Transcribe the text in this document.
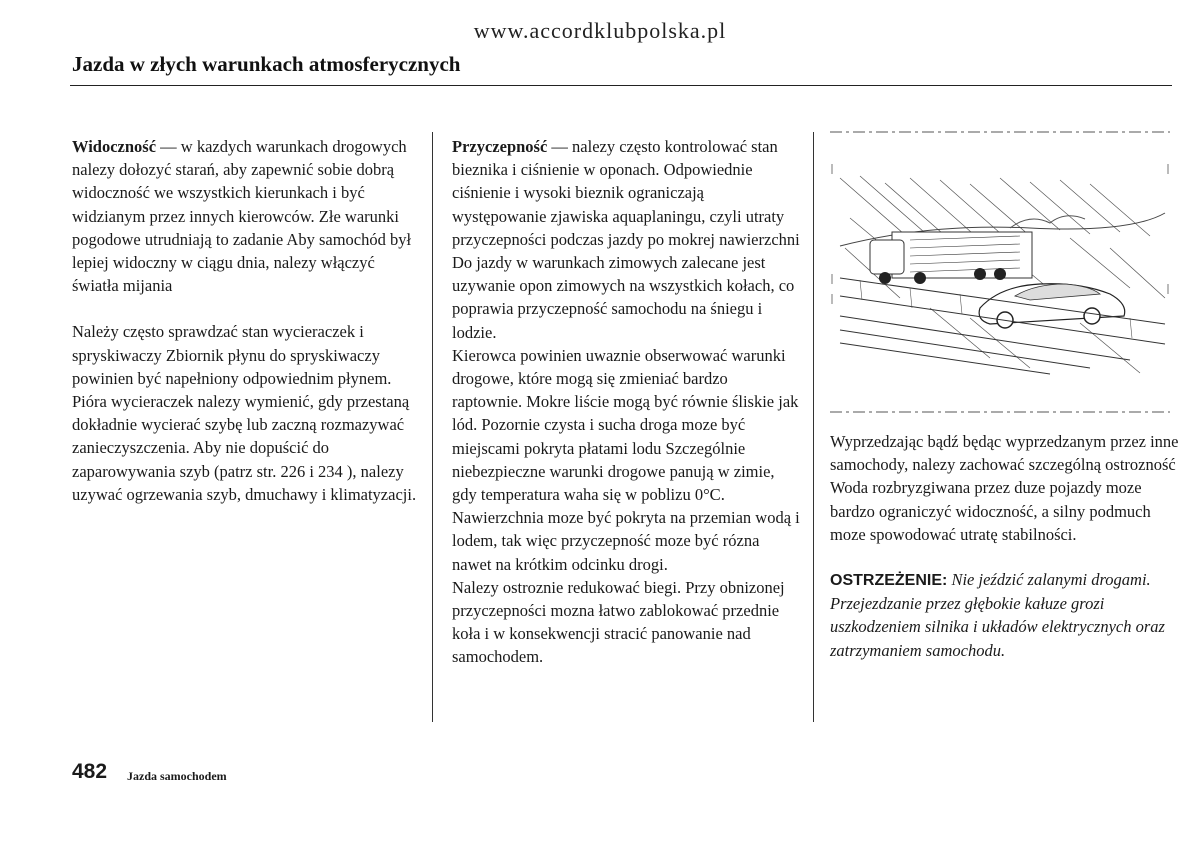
www.accordklubpolska.pl
Jazda w złych warunkach atmosferycznych

Widoczność — w kazdych warunkach drogowych nalezy dołozyć starań, aby zapewnić sobie dobrą widoczność we wszystkich kierunkach i być widzianym przez innych kierowców. Złe warunki pogodowe utrudniają to zadanie Aby samochód był lepiej widoczny w ciągu dnia, nalezy włączyć światła mijania

Należy często sprawdzać stan wycieraczek i spryskiwaczy Zbiornik płynu do spryskiwaczy powinien być napełniony odpowiednim płynem. Pióra wycieraczek nalezy wymienić, gdy przestaną dokładnie wycierać szybę lub zaczną rozmazywać zanieczyszczenia. Aby nie dopuścić do zaparowywania szyb (patrz str. 226 i 234 ), nalezy uzywać ogrzewania szyb, dmuchawy i klimatyzacji.

Przyczepność — nalezy często kontrolować stan bieznika i ciśnienie w oponach. Odpowiednie ciśnienie i wysoki bieznik ograniczają występowanie zjawiska aquaplaningu, czyli utraty przyczepności podczas jazdy po mokrej nawierzchni Do jazdy w warunkach zimowych zalecane jest uzywanie opon zimowych na wszystkich kołach, co poprawia przyczepność samochodu na śniegu i lodzie.

Kierowca powinien uwaznie obserwować warunki drogowe, które mogą się zmieniać bardzo raptownie. Mokre liście mogą być równie śliskie jak lód. Pozornie czysta i sucha droga moze być miejscami pokryta płatami lodu Szczególnie niebezpieczne warunki drogowe panują w zimie, gdy temperatura waha się w poblizu 0°C. Nawierzchnia moze być pokryta na przemian wodą i lodem, tak więc przyczepność moze być rózna nawet na krótkim odcinku drogi.

Nalezy ostroznie redukować biegi. Przy obnizonej przyczepności mozna łatwo zablokować przednie koła i w konsekwencji stracić panowanie nad samochodem.

Wyprzedzając bądź będąc wyprzedzanym przez inne samochody, nalezy zachować szczególną ostrozność Woda rozbryzgiwana przez duze pojazdy moze bardzo ograniczyć widoczność, a silny podmuch moze spowodować utratę stabilności.

OSTRZEŻENIE: Nie jeździć zalanymi drogami. Przejezdzanie przez głębokie kałuze grozi uszkodzeniem silnika i układów elektrycznych oraz zatrzymaniem samochodu.

482 Jazda samochodem
